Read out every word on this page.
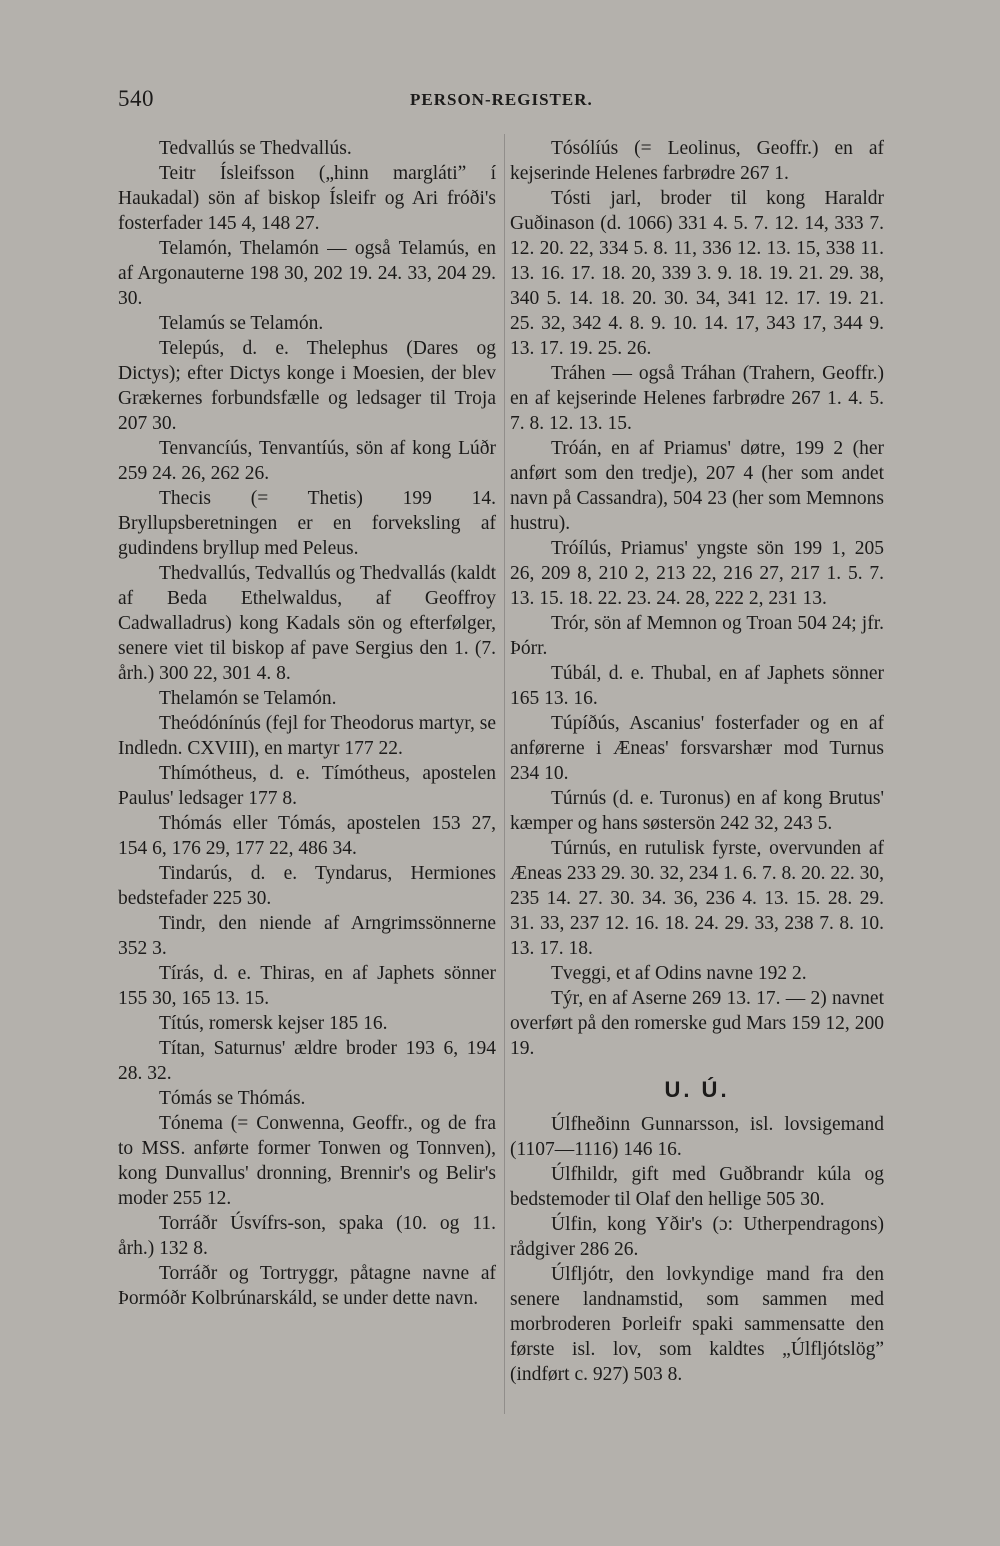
540	PERSON-REGISTER.

Tedvallús se Thedvallús.

Teitr Ísleifsson („hinn marglátiˮ í Haukadal) sön af biskop Ísleifr og Ari fróði's fosterfader 145 4, 148 27.

Telamón, Thelamón — også Telamús, en af Argonauterne 198 30, 202 19. 24. 33, 204 29. 30.

Telamús se Telamón.

Telepús, d. e. Thelephus (Dares og Dictys); efter Dictys konge i Moesien, der blev Grækernes forbundsfælle og ledsager til Troja 207 30.

Tenvancíús, Tenvantíús, sön af kong Lúðr 259 24. 26, 262 26.

Thecis (= Thetis) 199 14. Bryllupsberetningen er en forveksling af gudindens bryllup med Peleus.

Thedvallús, Tedvallús og Thedvallás (kaldt af Beda Ethelwaldus, af Geoffroy Cadwalladrus) kong Kadals sön og efterfølger, senere viet til biskop af pave Sergius den 1. (7. årh.) 300 22, 301 4. 8.

Thelamón se Telamón.

Theódónínús (fejl for Theodorus martyr, se Indledn. CXVIII), en martyr 177 22.

Thímótheus, d. e. Tímótheus, apostelen Paulus' ledsager 177 8.

Thómás eller Tómás, apostelen 153 27, 154 6, 176 29, 177 22, 486 34.

Tindarús, d. e. Tyndarus, Hermiones bedstefader 225 30.

Tindr, den niende af Arngrimssönnerne 352 3.

Tírás, d. e. Thiras, en af Japhets sönner 155 30, 165 13. 15.

Títús, romersk kejser 185 16.

Títan, Saturnus' ældre broder 193 6, 194 28. 32.

Tómás se Thómás.

Tónema (= Conwenna, Geoffr., og de fra to MSS. anførte former Tonwen og Tonnven), kong Dunvallus' dronning, Brennir's og Belir's moder 255 12.

Torráðr Úsvífrs-son, spaka (10. og 11. årh.) 132 8.

Torráðr og Tortryggr, påtagne navne af Þormóðr Kolbrúnarskáld, se under dette navn.

Tósólíús (= Leolinus, Geoffr.) en af kejserinde Helenes farbrødre 267 1.

Tósti jarl, broder til kong Haraldr Guðinason (d. 1066) 331 4. 5. 7. 12. 14, 333 7. 12. 20. 22, 334 5. 8. 11, 336 12. 13. 15, 338 11. 13. 16. 17. 18. 20, 339 3. 9. 18. 19. 21. 29. 38, 340 5. 14. 18. 20. 30. 34, 341 12. 17. 19. 21. 25. 32, 342 4. 8. 9. 10. 14. 17, 343 17, 344 9. 13. 17. 19. 25. 26.

Tráhen — også Tráhan (Trahern, Geoffr.) en af kejserinde Helenes farbrødre 267 1. 4. 5. 7. 8. 12. 13. 15.

Tróán, en af Priamus' døtre, 199 2 (her anført som den tredje), 207 4 (her som andet navn på Cassandra), 504 23 (her som Memnons hustru).

Tróílús, Priamus' yngste sön 199 1, 205 26, 209 8, 210 2, 213 22, 216 27, 217 1. 5. 7. 13. 15. 18. 22. 23. 24. 28, 222 2, 231 13.

Trór, sön af Memnon og Troan 504 24; jfr. Þórr.

Túbál, d. e. Thubal, en af Japhets sönner 165 13. 16.

Túpíðús, Ascanius' fosterfader og en af anførerne i Æneas' forsvarshær mod Turnus 234 10.

Túrnús (d. e. Turonus) en af kong Brutus' kæmper og hans søstersön 242 32, 243 5.

Túrnús, en rutulisk fyrste, overvunden af Æneas 233 29. 30. 32, 234 1. 6. 7. 8. 20. 22. 30, 235 14. 27. 30. 34. 36, 236 4. 13. 15. 28. 29. 31. 33, 237 12. 16. 18. 24. 29. 33, 238 7. 8. 10. 13. 17. 18.

Tveggi, et af Odins navne 192 2.

Týr, en af Aserne 269 13. 17. — 2) navnet overført på den romerske gud Mars 159 12, 200 19.

U. Ú.

Úlfheðinn Gunnarsson, isl. lovsigemand (1107—1116) 146 16.

Úlfhildr, gift med Guðbrandr kúla og bedstemoder til Olaf den hellige 505 30.

Úlfin, kong Yðir's (ɔ: Utherpendragons) rådgiver 286 26.

Úlfljótr, den lovkyndige mand fra den senere landnamstid, som sammen med morbroderen Þorleifr spaki sammensatte den første isl. lov, som kaldtes „Úlfljótslögˮ (indført c. 927) 503 8.
